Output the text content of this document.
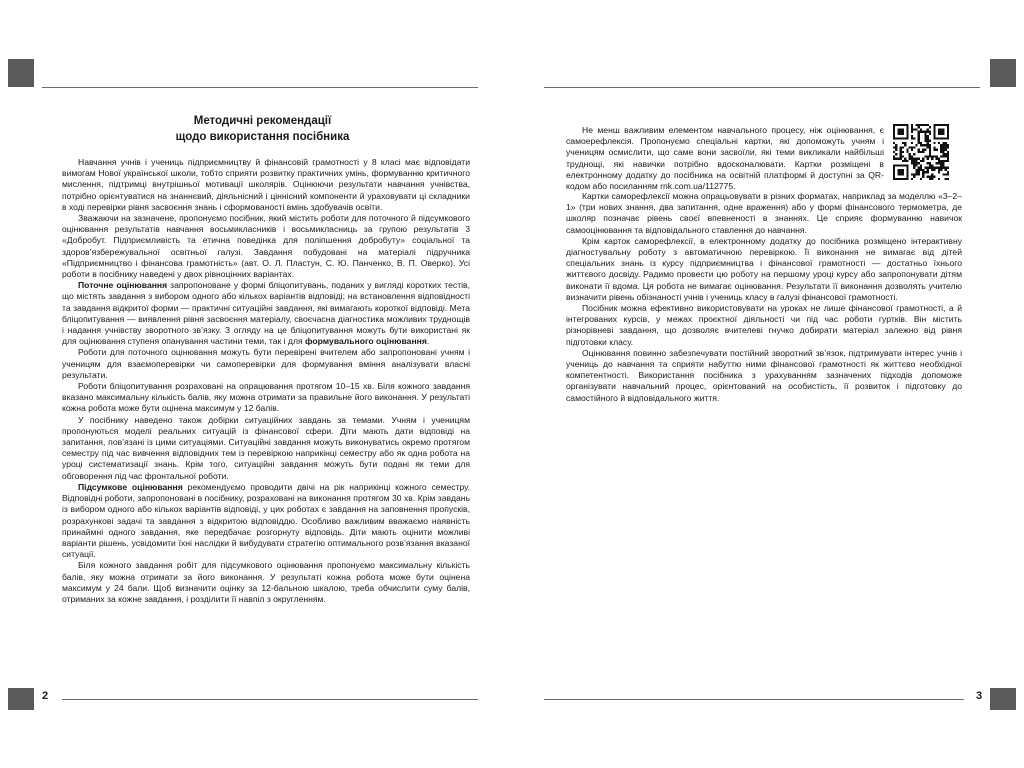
2	3
Методичні рекомендації
щодо використання посібника

Навчання учнів і учениць підприємництву й фінансовій грамотності у 8 класі має відповідати вимогам Нової української школи, тобто сприяти розвитку практичних умінь, формуванню критичного мислення, підтримці внутрішньої мотивації школярів. Оцінюючи результати навчання учнівства, потрібно орієнтуватися на знаннєвий, діяльнісний і ціннісний компоненти й ураховувати ці складники в ході перевірки рівня засвоєння знань і сформованості вмінь здобувачів освіти.

Зважаючи на зазначене, пропонуємо посібник, який містить роботи для поточного й підсумкового оцінювання результатів навчання восьмикласників і восьмикласниць за групою результатів 3 «Добробут. Підприємливість та етична поведінка для поліпшення добробуту» соціальної та здоров’язбережувальної освітньої галузі. Завдання побудовані на матеріалі підручника «Підприємництво і фінансова грамотність» (авт. О. Л. Пластун, С. Ю. Панченко, В. П. Оверко). Усі роботи в посібнику наведені у двох рівноцінних варіантах.

Поточне оцінювання запропоноване у формі бліцопитувань, поданих у вигляді коротких тестів, що містять завдання з вибором одного або кількох варіантів відповіді; на встановлення відповідності та завдання відкритої форми — практичні ситуаційні завдання, які вимагають короткої відповіді. Мета бліцопитування — виявлення рівня засвоєння матеріалу, своєчасна діагностика можливих труднощів і надання учнівству зворотного зв’язку. З огляду на це бліцопитування можуть бути використані як для оцінювання ступеня опанування частини теми, так і для формувального оцінювання.

Роботи для поточного оцінювання можуть бути перевірені вчителем або запропоновані учням і ученицям для взаємоперевірки чи самоперевірки для формування вміння аналізувати власні результати.

Роботи бліцопитування розраховані на опрацювання протягом 10–15 хв. Біля кожного завдання вказано максимальну кількість балів, яку можна отримати за правильне його виконання. У результаті кожна робота може бути оцінена максимум у 12 балів.

У посібнику наведено також добірки ситуаційних завдань за темами. Учням і ученицям пропонуються моделі реальних ситуацій із фінансової сфери. Діти мають дати відповіді на запитання, пов’язані із цими ситуаціями. Ситуаційні завдання можуть виконуватись окремо протягом семестру під час вивчення відповідних тем із перевіркою наприкінці семестру або як одна робота на уроці систематизації знань. Крім того, ситуаційні завдання можуть бути подані як теми для обговорення під час фронтальної роботи.

Підсумкове оцінювання рекомендуємо проводити двічі на рік наприкінці кожного семестру. Відповідні роботи, запропоновані в посібнику, розраховані на виконання протягом 30 хв. Крім завдань із вибором одного або кількох варіантів відповіді, у цих роботах є завдання на заповнення пропусків, розрахункові задачі та завдання з відкритою відповіддю. Особливо важливим вважаємо наявність принаймні одного завдання, яке передбачає розгорнуту відповідь. Діти мають оцінити можливі варіанти рішень, усвідомити їхні наслідки й вибудувати стратегію оптимального розв’язання вказаної ситуації.

Біля кожного завдання робіт для підсумкового оцінювання пропонуємо максимальну кількість балів, яку можна отримати за його виконання. У результаті кожна робота може бути оцінена максимум у 24 бали. Щоб визначити оцінку за 12-бальною шкалою, треба обчислити суму балів, отриманих за кожне завдання, і розділити її навпіл з округленням.

Не менш важливим елементом навчального процесу, ніж оцінювання, є самоерефлексія. Пропонуємо спеціальні картки, які допоможуть учням і ученицям осмислити, що саме вони засвоїли, які теми викликали найбільші труднощі, які навички потрібно вдосконалювати. Картки розміщені в електронному додатку до посібника на освітній платформі й доступні за QR-кодом або посиланням rnk.com.ua/112775.

Картки саморефлексії можна опрацьовувати в різних форматах, наприклад за моделлю «3–2–1» (три нових знання, два запитання, одне враження) або у формі фінансового термометра, де школяр позначає рівень своєї впевненості в знаннях. Це сприяє формуванню навичок самооцінювання та відповідального ставлення до навчання.

Крім карток саморефлексії, в електронному додатку до посібника розміщено інтерактивну діагностувальну роботу з автоматичною перевіркою. Її виконання не вимагає від дітей спеціальних знань із курсу підприємництва і фінансової грамотності — достатньо їхнього життєвого досвіду. Радимо провести цю роботу на першому уроці курсу або запропонувати дітям виконати її вдома. Ця робота не вимагає оцінювання. Результати її виконання дозволять учителю визначити рівень обізнаності учнів і учениць класу в галузі фінансової грамотності.

Посібник можна ефективно використовувати на уроках не лише фінансової грамотності, а й інтегрованих курсів, у межах проєктної діяльності чи під час роботи гуртків. Він містить різнорівневі завдання, що дозволяє вчителеві гнучко добирати матеріал залежно від рівня підготовки класу.

Оцінювання повинно забезпечувати постійний зворотний зв’язок, підтримувати інтерес учнів і учениць до навчання та сприяти набуттю ними фінансової грамотності як життєво необхідної компетентності. Використання посібника з урахуванням зазначених підходів допоможе організувати навчальний процес, орієнтований на особистість, її розвиток і підготовку до самостійного й відповідального життя.
